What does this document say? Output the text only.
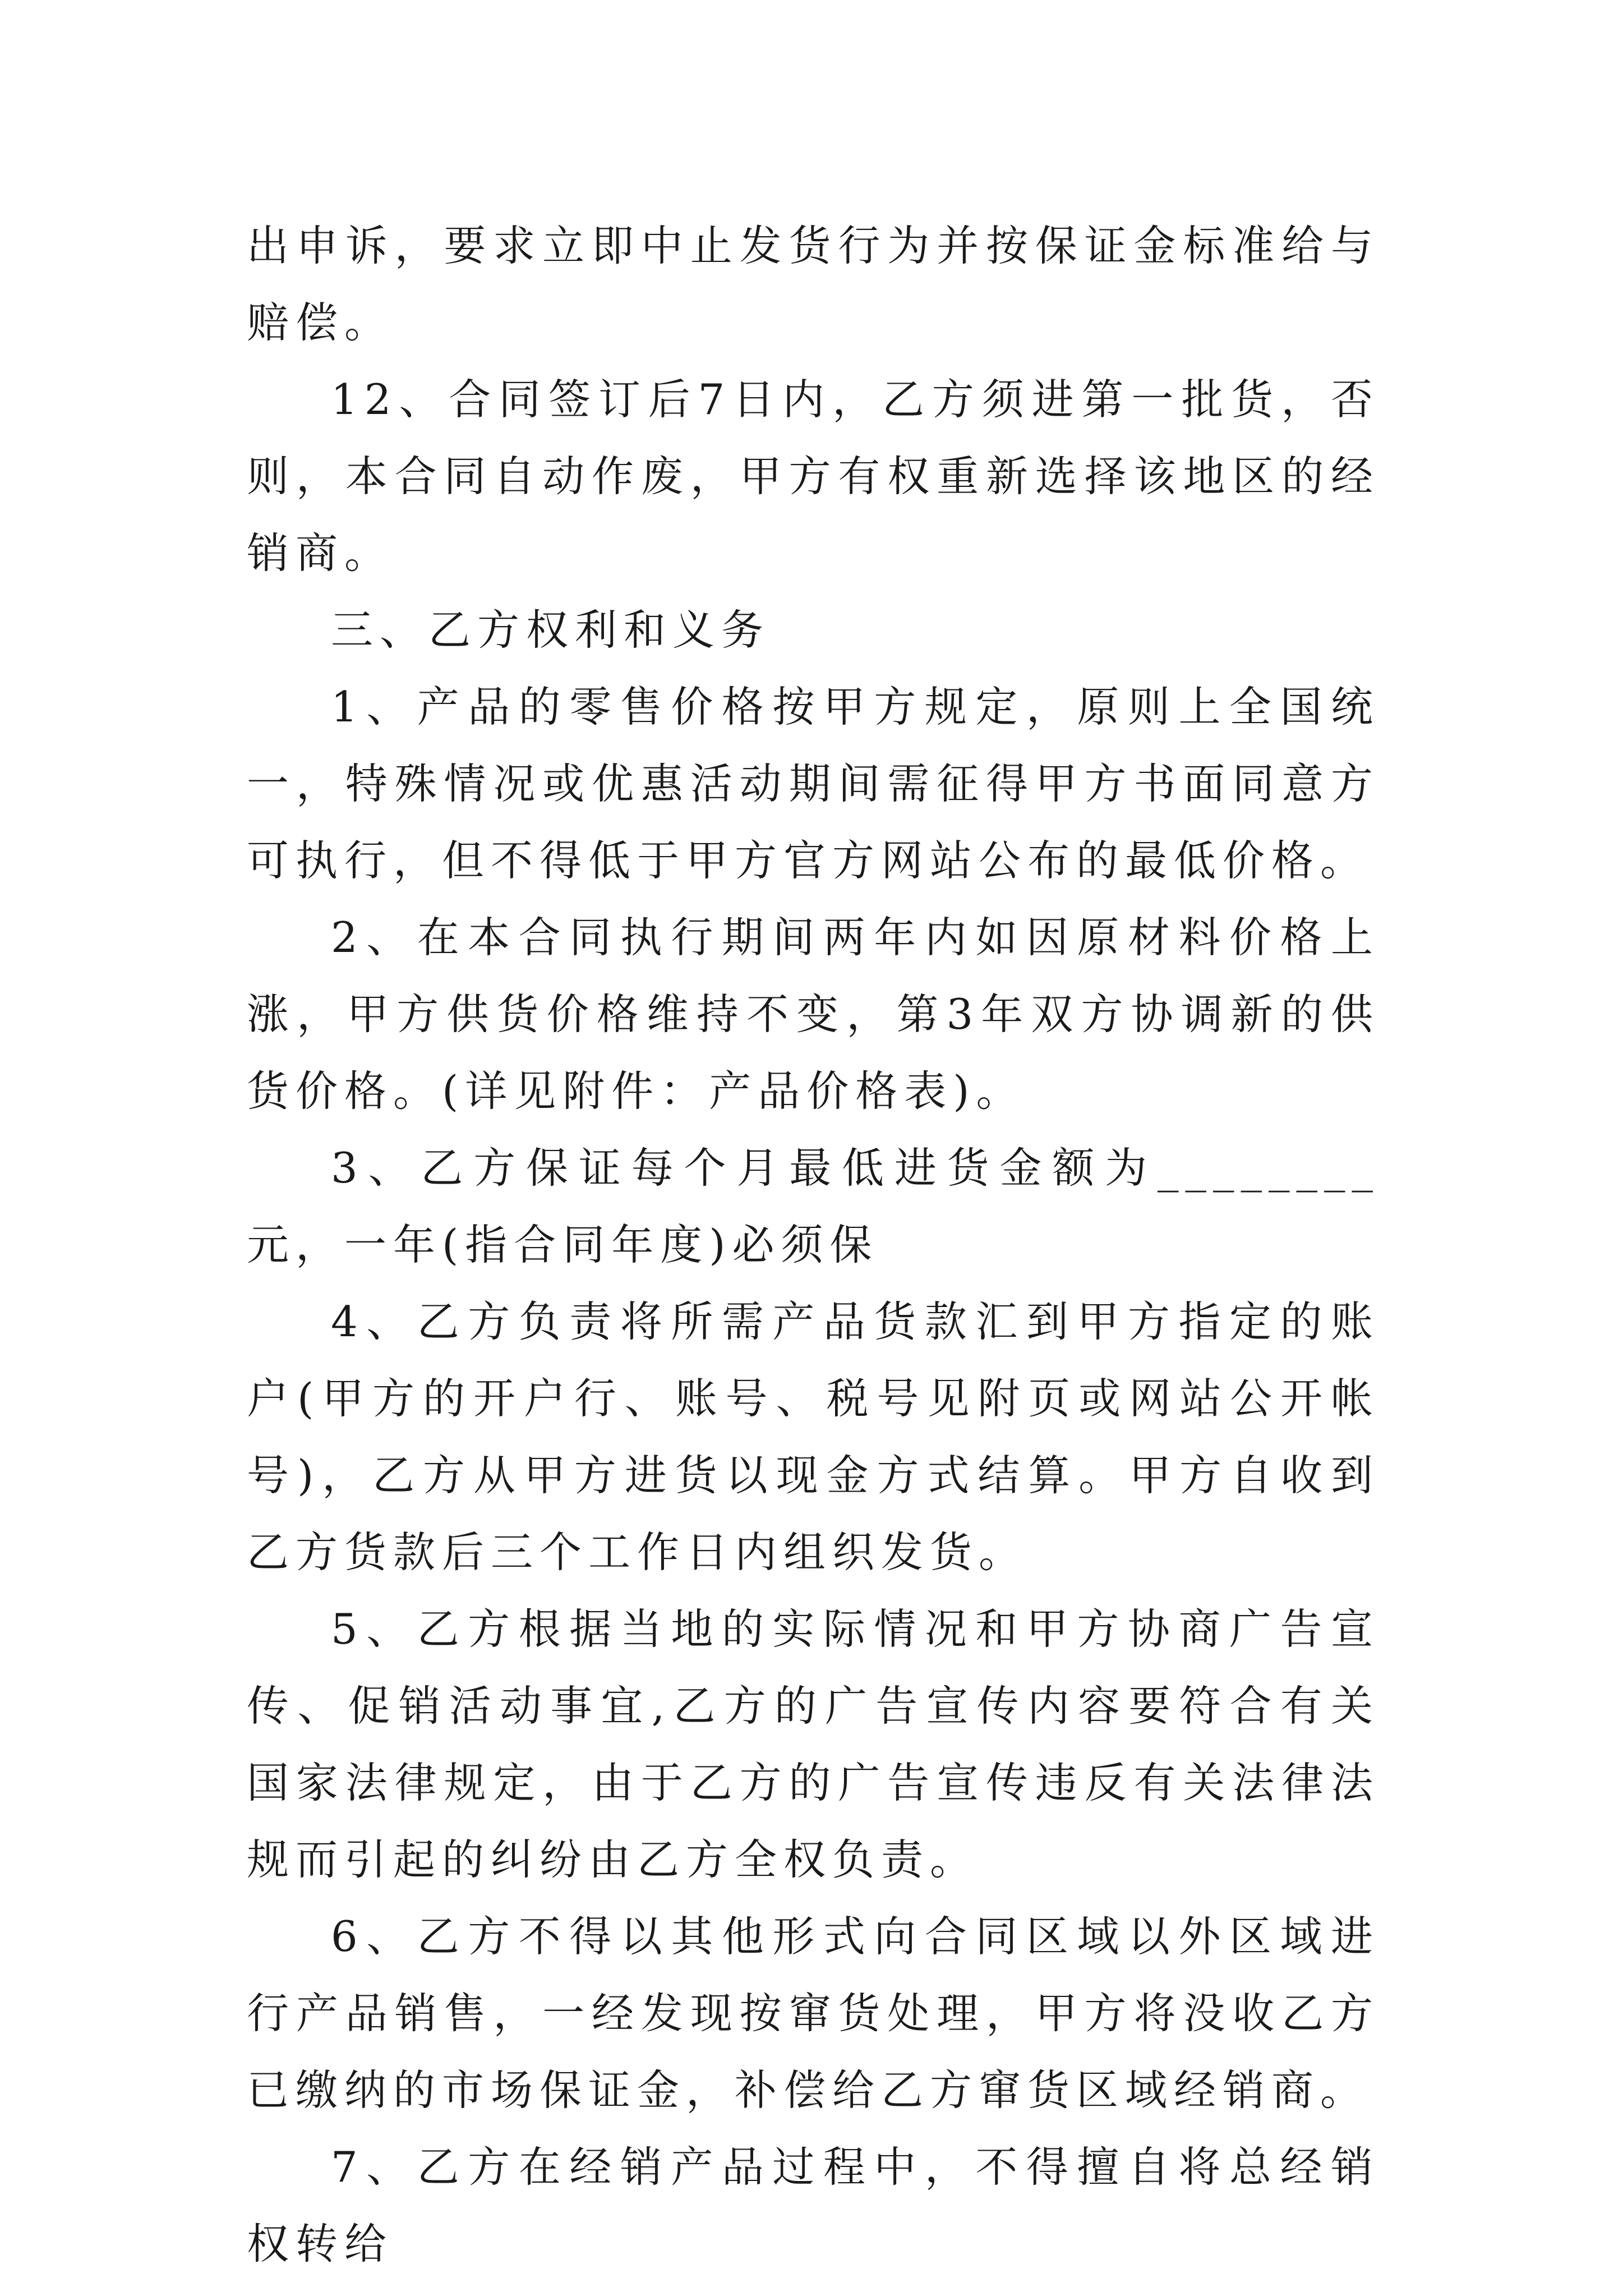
出申诉，要求立即中止发货行为并按保证金标准给与赔偿。

12、合同签订后7日内，乙方须进第一批货，否则，本合同自动作废，甲方有权重新选择该地区的经销商。

三、乙方权利和义务

1、产品的零售价格按甲方规定，原则上全国统一，特殊情况或优惠活动期间需征得甲方书面同意方可执行，但不得低于甲方官方网站公布的最低价格。

2、在本合同执行期间两年内如因原材料价格上涨，甲方供货价格维持不变，第3年双方协调新的供货价格。(详见附件：产品价格表)。

3、乙方保证每个月最低进货金额为________元，一年(指合同年度)必须保

4、乙方负责将所需产品货款汇到甲方指定的账户(甲方的开户行、账号、税号见附页或网站公开帐号)，乙方从甲方进货以现金方式结算。甲方自收到乙方货款后三个工作日内组织发货。

5、乙方根据当地的实际情况和甲方协商广告宣传、促销活动事宜,乙方的广告宣传内容要符合有关国家法律规定，由于乙方的广告宣传违反有关法律法规而引起的纠纷由乙方全权负责。

6、乙方不得以其他形式向合同区域以外区域进行产品销售，一经发现按窜货处理，甲方将没收乙方已缴纳的市场保证金，补偿给乙方窜货区域经销商。

7、乙方在经销产品过程中，不得擅自将总经销权转给
